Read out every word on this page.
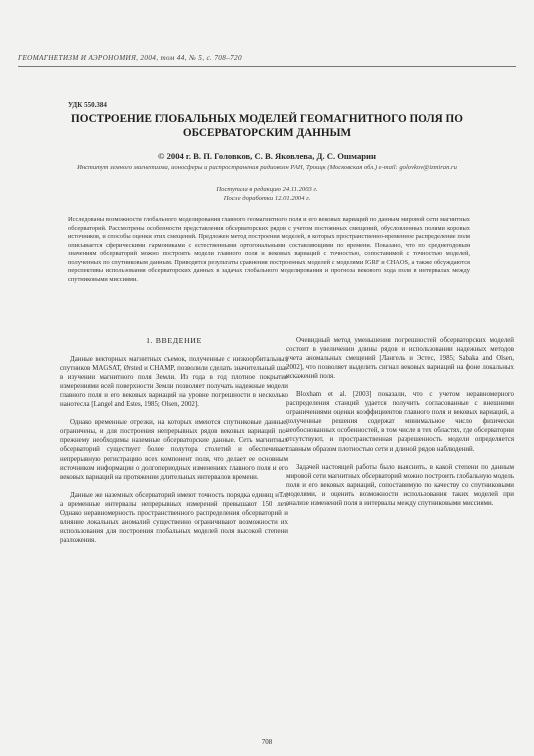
ГЕОМАГНЕТИЗМ И АЭРОНОМИЯ, 2004, том 44, № 5, с. 708–720
УДК 550.384
ПОСТРОЕНИЕ ГЛОБАЛЬНЫХ МОДЕЛЕЙ ГЕОМАГНИТНОГО ПОЛЯ ПО ОБСЕРВАТОРСКИМ ДАННЫМ
© 2004 г. В. П. Головков, С. В. Яковлева, Д. С. Ошмарин
Институт земного магнетизма, ионосферы и распространения радиоволн РАН, Троицк (Московская обл.) e-mail: golovkov@izmiran.ru
Поступила в редакцию 24.11.2003 г.
После доработки 12.01.2004 г.
Исследованы возможности глобального моделирования главного геомагнитного поля и его вековых вариаций по данным мировой сети магнитных обсерваторий. Рассмотрены особенности представления обсерваторских рядов с учетом постоянных смещений, обусловленных полями коровых источников, и способы оценки этих смещений. Предложен метод построения моделей, в которых пространственно-временное распределение поля описывается сферическими гармониками с естественными ортогональными составляющими по времени. Показано, что по среднегодовым значениям обсерваторий можно построить модели главного поля и вековых вариаций с точностью, сопоставимой с точностью моделей, полученных по спутниковым данным. Приводятся результаты сравнения построенных моделей с моделями IGRF и CHAOS, а также обсуждаются перспективы использования обсерваторских данных в задачах глобального моделирования и прогноза векового хода поля в интервалах между спутниковыми миссиями.
1. ВВЕДЕНИЕ

Данные векторных магнитных съемок, полученные с низкоорбитальных спутников MAGSAT, Ørsted и CHAMP, позволили сделать значительный шаг в изучении магнитного поля Земли. Из года в год плотное покрытие измерениями всей поверхности Земли позволяет получать надежные модели главного поля и его вековых вариаций на уровне погрешности в несколько нанотесла [Langel and Estes, 1985; Olsen, 2002].

Однако временные отрезки, на которых имеются спутниковые данные, ограничены, и для построения непрерывных рядов вековых вариаций по-прежнему необходимы наземные обсерваторские данные. Сеть магнитных обсерваторий существует более полутора столетий и обеспечивает непрерывную регистрацию всех компонент поля, что делает ее основным источником информации о долгопериодных изменениях главного поля и его вековых вариаций на протяжении длительных интервалов времени.

Данные же наземных обсерваторий имеют точность порядка единиц нТл, а временные интервалы непрерывных измерений превышают 150 лет. Однако неравномерность пространственного распределения обсерваторий и влияние локальных аномалий существенно ограничивают возможности их использования для построения глобальных моделей поля высокой степени разложения.

Очевидный метод уменьшения погрешностей обсерваторских моделей состоит в увеличении длины рядов и использовании надежных методов учета аномальных смещений [Лангель и Эстес, 1985; Sabaka and Olsen, 2002], что позволяет выделить сигнал вековых вариаций на фоне локальных искажений поля.

Bloxham et al. [2003] показали, что с учетом неравномерного распределения станций удается получить согласованные с внешними ограничениями оценки коэффициентов главного поля и вековых вариаций, а полученные решения содержат минимальное число физически необоснованных особенностей, в том числе в тех областях, где обсерватории отсутствуют, и пространственная разрешенность модели определяется главным образом плотностью сети и длиной рядов наблюдений.

Задачей настоящей работы было выяснить, в какой степени по данным мировой сети магнитных обсерваторий можно построить глобальную модель поля и его вековых вариаций, сопоставимую по качеству со спутниковыми моделями, и оценить возможности использования таких моделей при анализе изменений поля в интервалы между спутниковыми миссиями.

708
